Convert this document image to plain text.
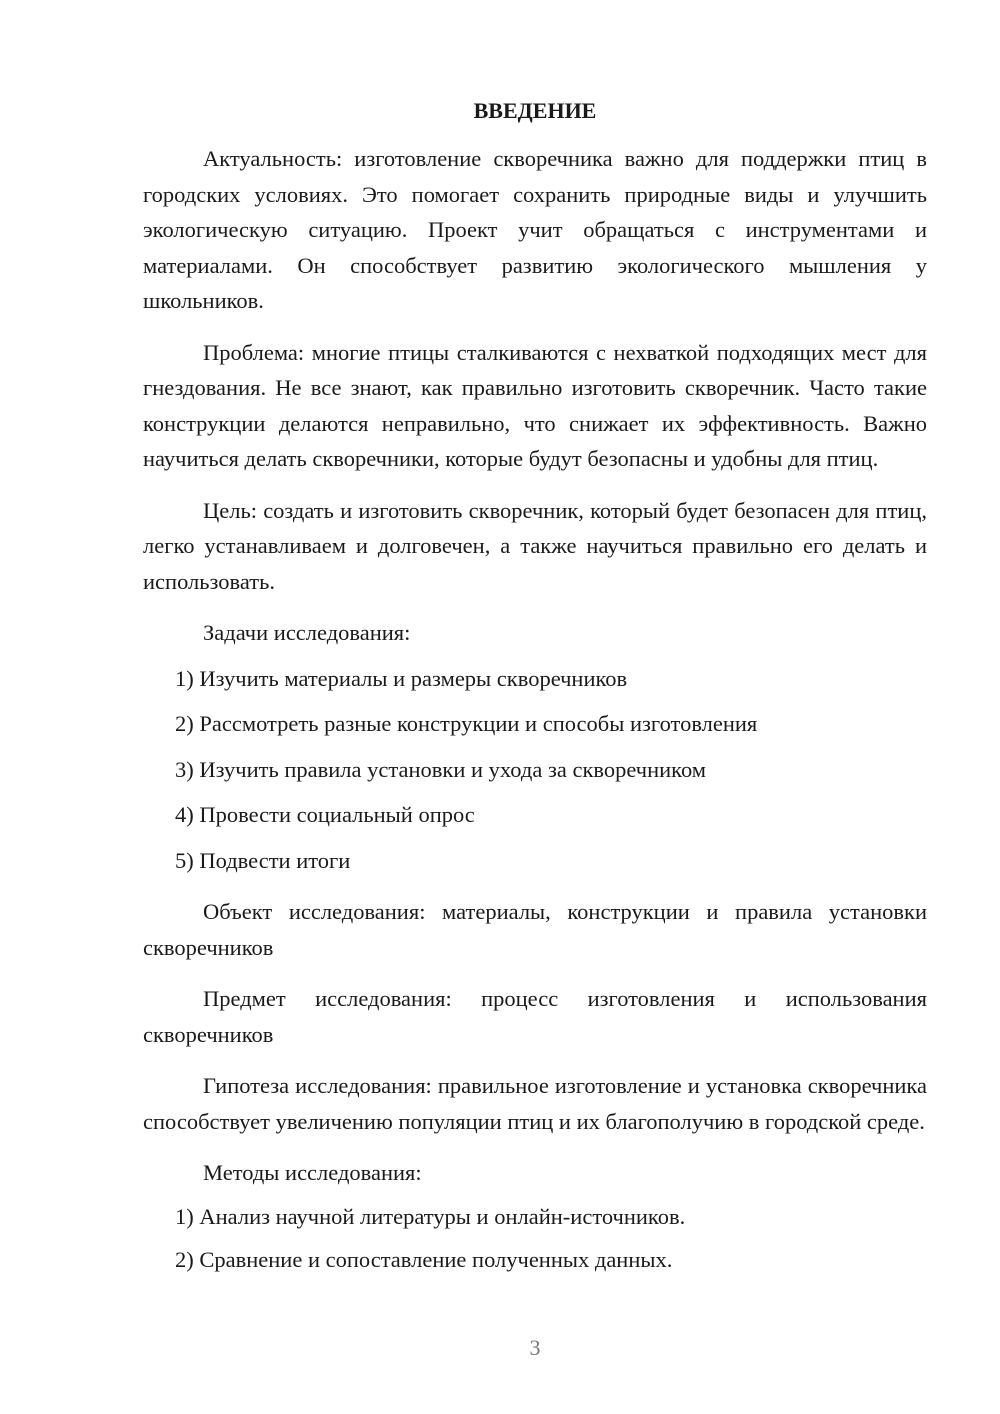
ВВЕДЕНИЕ

Актуальность: изготовление скворечника важно для поддержки птиц в городских условиях. Это помогает сохранить природные виды и улучшить экологическую ситуацию. Проект учит обращаться с инструментами и материалами. Он способствует развитию экологического мышления у школьников.

Проблема: многие птицы сталкиваются с нехваткой подходящих мест для гнездования. Не все знают, как правильно изготовить скворечник. Часто такие конструкции делаются неправильно, что снижает их эффективность. Важно научиться делать скворечники, которые будут безопасны и удобны для птиц.

Цель: создать и изготовить скворечник, который будет безопасен для птиц, легко устанавливаем и долговечен, а также научиться правильно его делать и использовать.

Задачи исследования:

1) Изучить материалы и размеры скворечников
2) Рассмотреть разные конструкции и способы изготовления
3) Изучить правила установки и ухода за скворечником
4) Провести социальный опрос
5) Подвести итоги

Объект исследования: материалы, конструкции и правила установки скворечников

Предмет исследования: процесс изготовления и использования скворечников

Гипотеза исследования: правильное изготовление и установка скворечника способствует увеличению популяции птиц и их благополучию в городской среде.

Методы исследования:

1) Анализ научной литературы и онлайн-источников.
2) Сравнение и сопоставление полученных данных.
3
